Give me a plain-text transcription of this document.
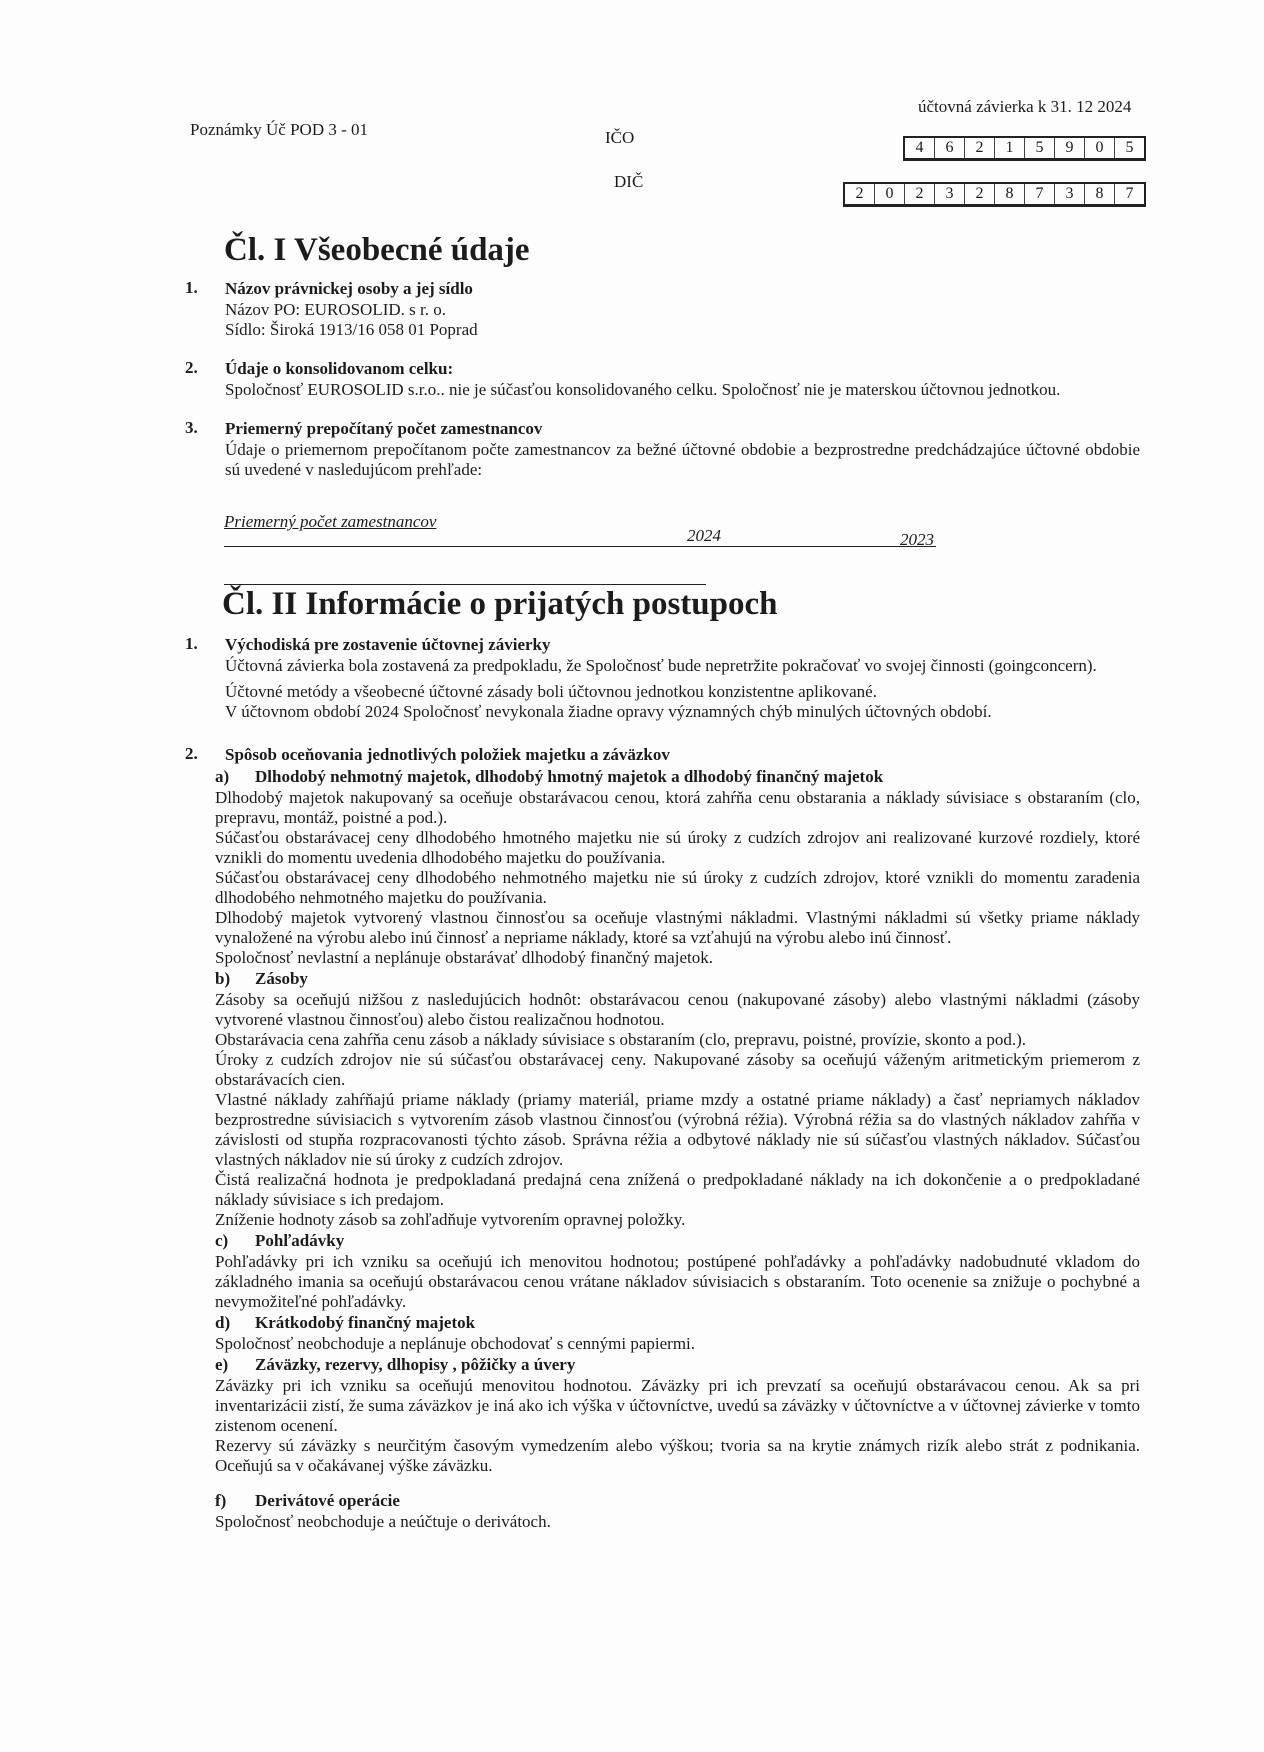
Poznámky Úč POD 3 - 01
účtovná závierka k 31. 12 2024
IČO
4	6	2	1	5	9	0	5
DIČ
2	0	2	3	2	8	7	3	8	7
Čl. I Všeobecné údaje
1. Názov právnickej osoby a jej sídlo
Názov PO: EUROSOLID. s r. o.
Sídlo: Široká 1913/16 058 01 Poprad
2. Údaje o konsolidovanom celku:
Spoločnosť EUROSOLID s.r.o.. nie je súčasťou konsolidovaného celku. Spoločnosť nie je materskou účtovnou jednotkou.
3. Priemerný prepočítaný počet zamestnancov
Údaje o priemernom prepočítanom počte zamestnancov za bežné účtovné obdobie a bezprostredne predchádzajúce účtovné obdobie sú uvedené v nasledujúcom prehľade:
Priemerný počet zamestnancov
2024	2023
Čl. II Informácie o prijatých postupoch
1. Východiská pre zostavenie účtovnej závierky
Účtovná závierka bola zostavená za predpokladu, že Spoločnosť bude nepretržite pokračovať vo svojej činnosti (goingconcern).
Účtovné metódy a všeobecné účtovné zásady boli účtovnou jednotkou konzistentne aplikované.
V účtovnom období 2024 Spoločnosť nevykonala žiadne opravy významných chýb minulých účtovných období.
2. Spôsob oceňovania jednotlivých položiek majetku a záväzkov
a) Dlhodobý nehmotný majetok, dlhodobý hmotný majetok a dlhodobý finančný majetok
Dlhodobý majetok nakupovaný sa oceňuje obstarávacou cenou, ktorá zahŕňa cenu obstarania a náklady súvisiace s obstaraním (clo, prepravu, montáž, poistné a pod.).
Súčasťou obstarávacej ceny dlhodobého hmotného majetku nie sú úroky z cudzích zdrojov ani realizované kurzové rozdiely, ktoré vznikli do momentu uvedenia dlhodobého majetku do používania.
Súčasťou obstarávacej ceny dlhodobého nehmotného majetku nie sú úroky z cudzích zdrojov, ktoré vznikli do momentu zaradenia dlhodobého nehmotného majetku do používania.
Dlhodobý majetok vytvorený vlastnou činnosťou sa oceňuje vlastnými nákladmi. Vlastnými nákladmi sú všetky priame náklady vynaložené na výrobu alebo inú činnosť a nepriame náklady, ktoré sa vzťahujú na výrobu alebo inú činnosť.
Spoločnosť nevlastní a neplánuje obstarávať dlhodobý finančný majetok.
b) Zásoby
Zásoby sa oceňujú nižšou z nasledujúcich hodnôt: obstarávacou cenou (nakupované zásoby) alebo vlastnými nákladmi (zásoby vytvorené vlastnou činnosťou) alebo čistou realizačnou hodnotou.
Obstarávacia cena zahŕňa cenu zásob a náklady súvisiace s obstaraním (clo, prepravu, poistné, provízie, skonto a pod.).
Úroky z cudzích zdrojov nie sú súčasťou obstarávacej ceny. Nakupované zásoby sa oceňujú váženým aritmetickým priemerom z obstarávacích cien.
Vlastné náklady zahŕňajú priame náklady (priamy materiál, priame mzdy a ostatné priame náklady) a časť nepriamych nákladov bezprostredne súvisiacich s vytvorením zásob vlastnou činnosťou (výrobná réžia). Výrobná réžia sa do vlastných nákladov zahŕňa v závislosti od stupňa rozpracovanosti týchto zásob. Správna réžia a odbytové náklady nie sú súčasťou vlastných nákladov. Súčasťou vlastných nákladov nie sú úroky z cudzích zdrojov.
Čistá realizačná hodnota je predpokladaná predajná cena znížená o predpokladané náklady na ich dokončenie a o predpokladané náklady súvisiace s ich predajom.
Zníženie hodnoty zásob sa zohľadňuje vytvorením opravnej položky.
c) Pohľadávky
Pohľadávky pri ich vzniku sa oceňujú ich menovitou hodnotou; postúpené pohľadávky a pohľadávky nadobudnuté vkladom do základného imania sa oceňujú obstarávacou cenou vrátane nákladov súvisiacich s obstaraním. Toto ocenenie sa znižuje o pochybné a nevymožiteľné pohľadávky.
d) Krátkodobý finančný majetok
Spoločnosť neobchoduje a neplánuje obchodovať s cennými papiermi.
e) Záväzky, rezervy, dlhopisy , pôžičky a úvery
Záväzky pri ich vzniku sa oceňujú menovitou hodnotou. Záväzky pri ich prevzatí sa oceňujú obstarávacou cenou. Ak sa pri inventarizácii zistí, že suma záväzkov je iná ako ich výška v účtovníctve, uvedú sa záväzky v účtovníctve a v účtovnej závierke v tomto zistenom ocenení.
Rezervy sú záväzky s neurčitým časovým vymedzením alebo výškou; tvoria sa na krytie známych rizík alebo strát z podnikania. Oceňujú sa v očakávanej výške záväzku.
f) Derivátové operácie
Spoločnosť neobchoduje a neúčtuje o derivátoch.
